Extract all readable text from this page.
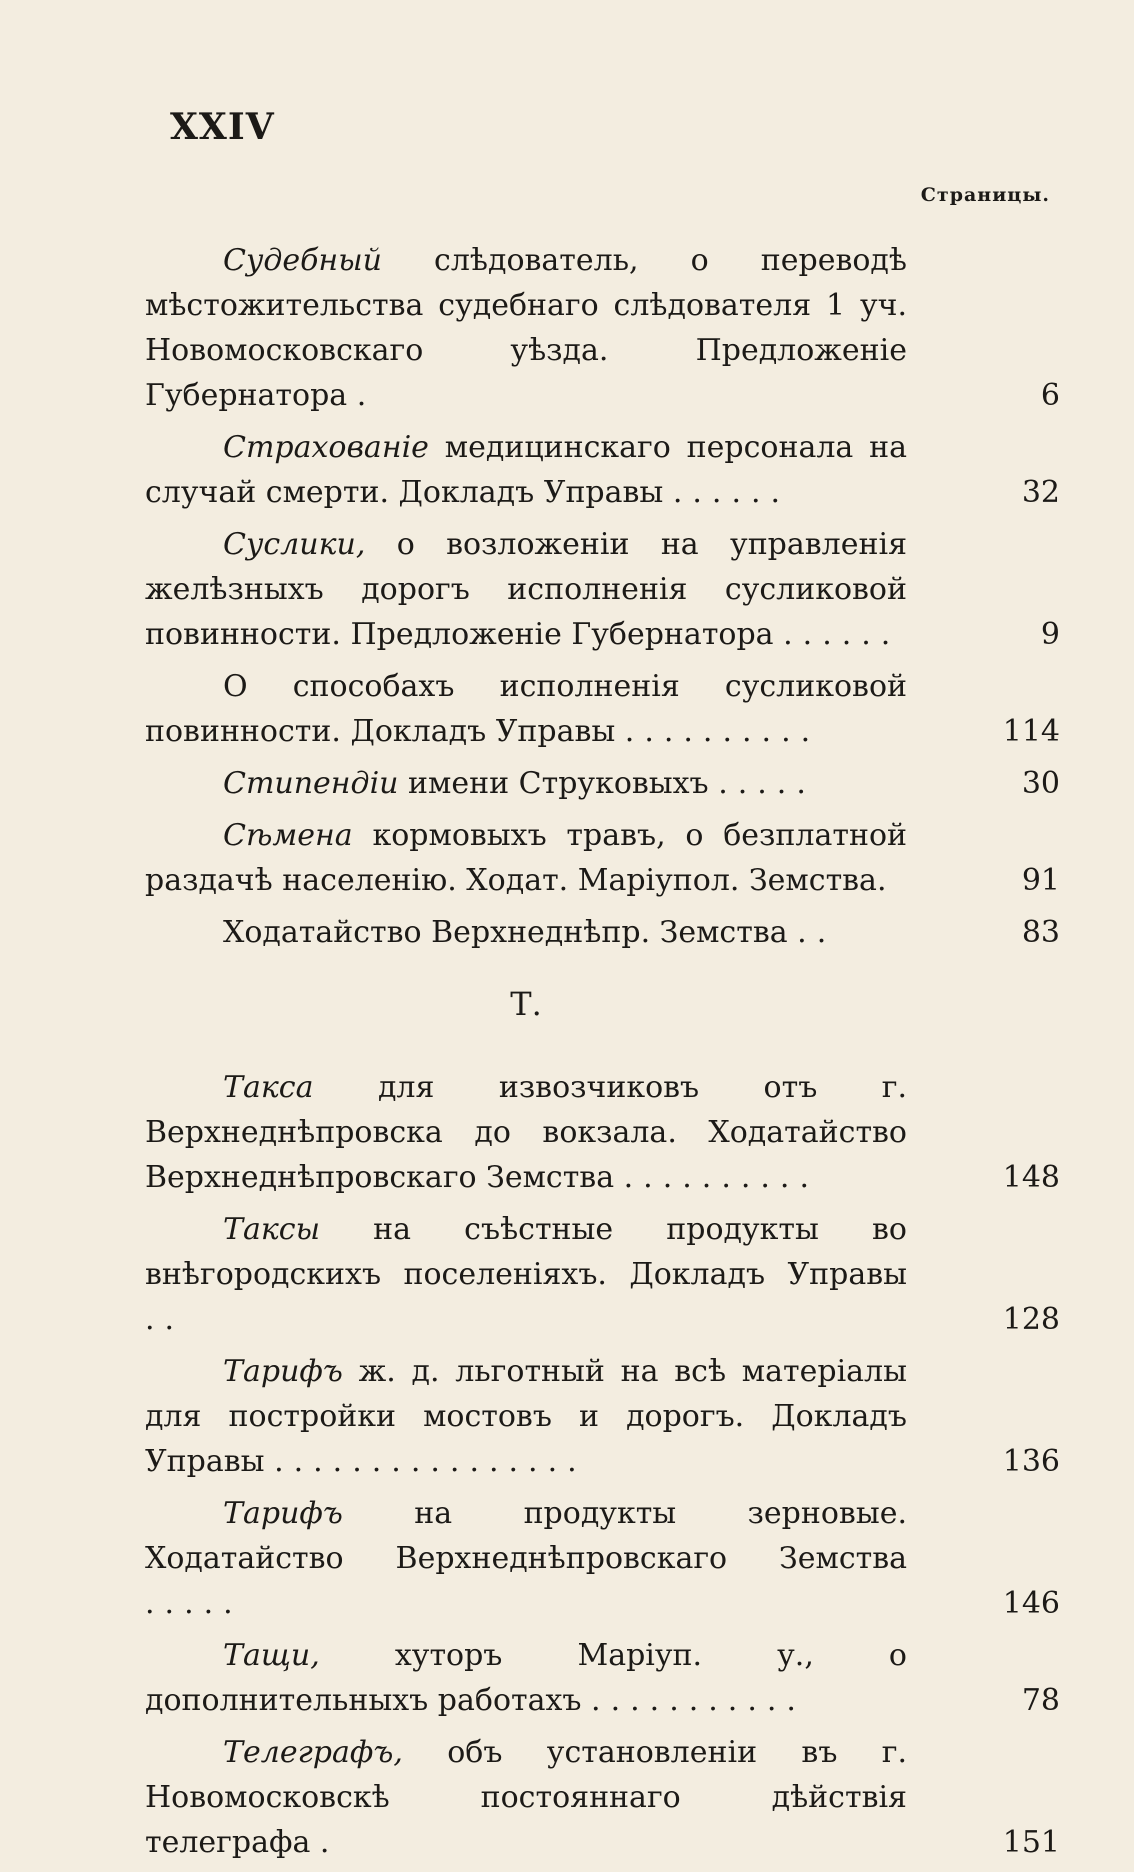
XXIV
Страницы.
Судебный слѣдователь, о переводѣ мѣстожительства судебнаго слѣдователя 1 уч. Новомосковскаго уѣзда. Предложеніе Губернатора .	6
Страхованіе медицинскаго персонала на случай смерти. Докладъ Управы ......	32
Суслики, о возложеніи на управленія желѣзныхъ дорогъ исполненія сусликовой повинности. Предложеніе Губернатора ......	9
О способахъ исполненія сусликовой повинности. Докладъ Управы ..........	114
Стипендіи имени Струковыхъ .....	30
Сѣмена кормовыхъ травъ, о безплатной раздачѣ населенію. Ходат. Маріупол. Земства.	91
Ходатайство Верхнеднѣпр. Земства ..	83
Т.
Такса для извозчиковъ отъ г. Верхнеднѣпровска до вокзала. Ходатайство Верхнеднѣпровскаго Земства ..........	148
Таксы на съѣстные продукты во внѣгородскихъ поселеніяхъ. Докладъ Управы ..	128
Тарифъ ж. д. льготный на всѣ матеріалы для постройки мостовъ и дорогъ. Докладъ Управы ................	136
Тарифъ на продукты зерновые. Ходатайство Верхнеднѣпровскаго Земства .....	146
Тащи,	хуторъ Маріуп. у., о дополнительныхъ работахъ ...........	78
Телеграфъ, объ установленіи въ г. Новомосковскѣ постояннаго дѣйствія телеграфа .	151
